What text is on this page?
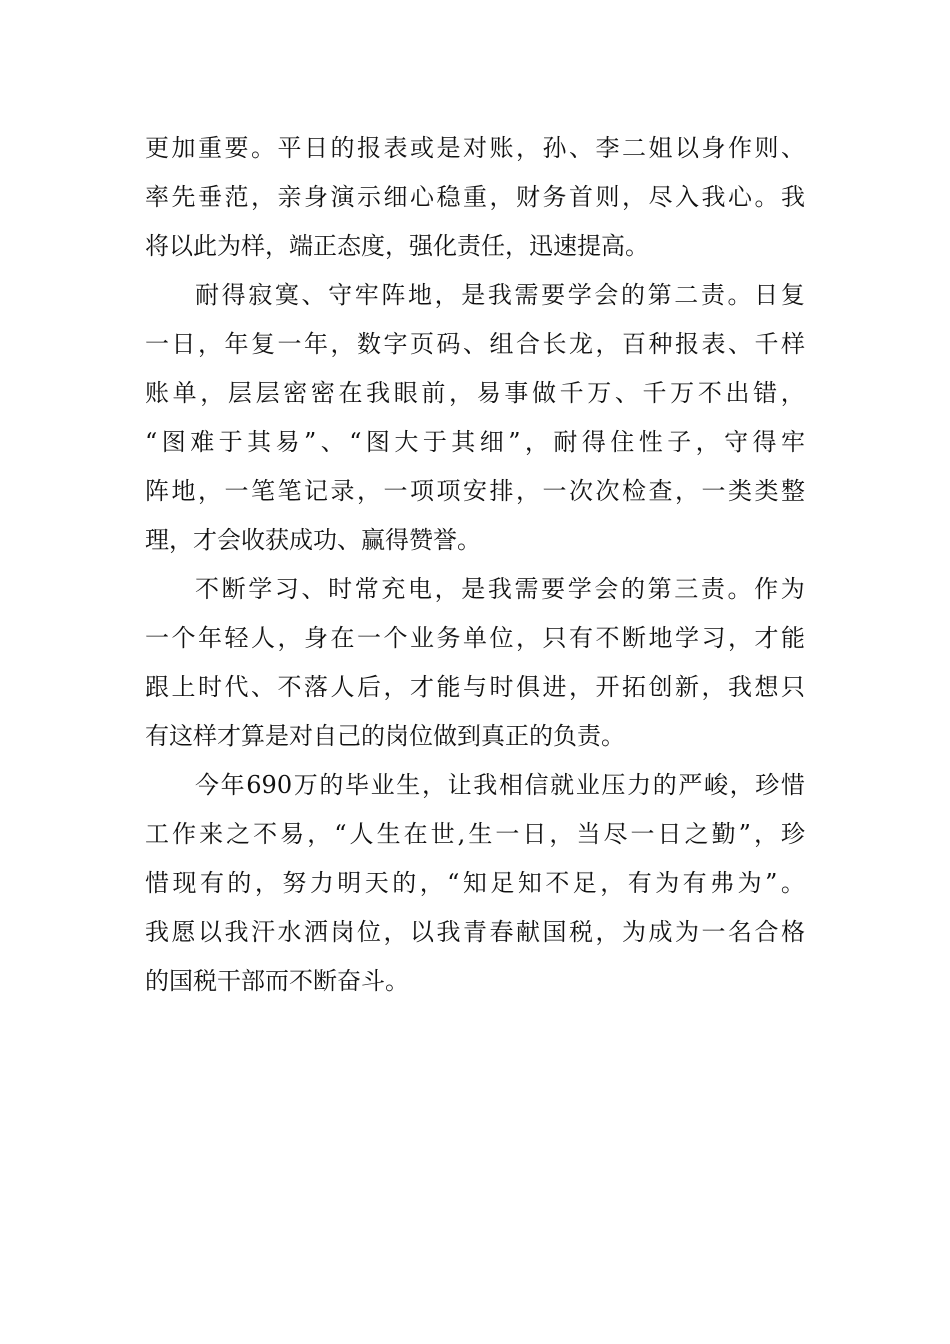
更 加 重 要 。 平 日 的 报 表 或 是 对 账 ， 孙 、 李 二 姐 以 身 作 则 、
率 先 垂 范 ， 亲 身 演 示 细 心 稳 重 ， 财 务 首 则 ， 尽 入 我 心 。 我
将以此为样，端正态度，强化责任，迅速提高。
耐 得 寂 寞 、 守 牢 阵 地 ， 是 我 需 要 学 会 的 第 二 责 。 日 复
一 日 ， 年 复 一 年 ， 数 字 页 码 、 组 合 长 龙 ， 百 种 报 表 、 千 样
账 单 ， 层 层 密 密 在 我 眼 前 ， 易 事 做 千 万 、 千 万 不 出 错 ，
“ 图 难 于 其 易 ” 、 “ 图 大 于 其 细 ” ， 耐 得 住 性 子 ， 守 得 牢
阵 地 ， 一 笔 笔 记 录 ， 一 项 项 安 排 ， 一 次 次 检 查 ， 一 类 类 整
理，才会收获成功、赢得赞誉。
不 断 学 习 、 时 常 充 电 ， 是 我 需 要 学 会 的 第 三 责 。 作 为
一 个 年 轻 人 ， 身 在 一 个 业 务 单 位 ， 只 有 不 断 地 学 习 ， 才 能
跟 上 时 代 、 不 落 人 后 ， 才 能 与 时 俱 进 ， 开 拓 创 新 ， 我 想 只
有这样才算是对自己的岗位做到真正的负责。
今 年 690 万 的 毕 业 生 ， 让 我 相 信 就 业 压 力 的 严 峻 ， 珍 惜
工 作 来 之 不 易 ， “ 人 生 在 世 , 生 一 日 ， 当 尽 一 日 之 勤 ” ， 珍
惜 现 有 的 ， 努 力 明 天 的 ， “ 知 足 知 不 足 ， 有 为 有 弗 为 ” 。
我 愿 以 我 汗 水 洒 岗 位 ， 以 我 青 春 献 国 税 ， 为 成 为 一 名 合 格
的国税干部而不断奋斗。
